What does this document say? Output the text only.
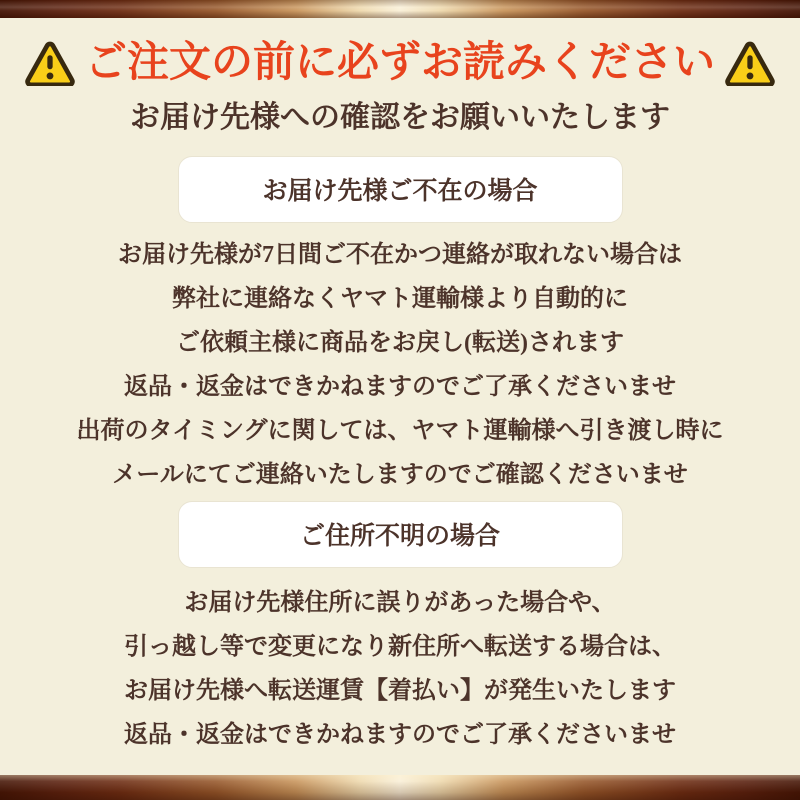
ご注文の前に必ずお読みください
お届け先様への確認をお願いいたします
お届け先様ご不在の場合
お届け先様が7日間ご不在かつ連絡が取れない場合は
弊社に連絡なくヤマト運輸様より自動的に
ご依頼主様に商品をお戻し(転送)されます
返品・返金はできかねますのでご了承くださいませ
出荷のタイミングに関しては、ヤマト運輸様へ引き渡し時に
メールにてご連絡いたしますのでご確認くださいませ
ご住所不明の場合
お届け先様住所に誤りがあった場合や、
引っ越し等で変更になり新住所へ転送する場合は、
お届け先様へ転送運賃【着払い】が発生いたします
返品・返金はできかねますのでご了承くださいませ
